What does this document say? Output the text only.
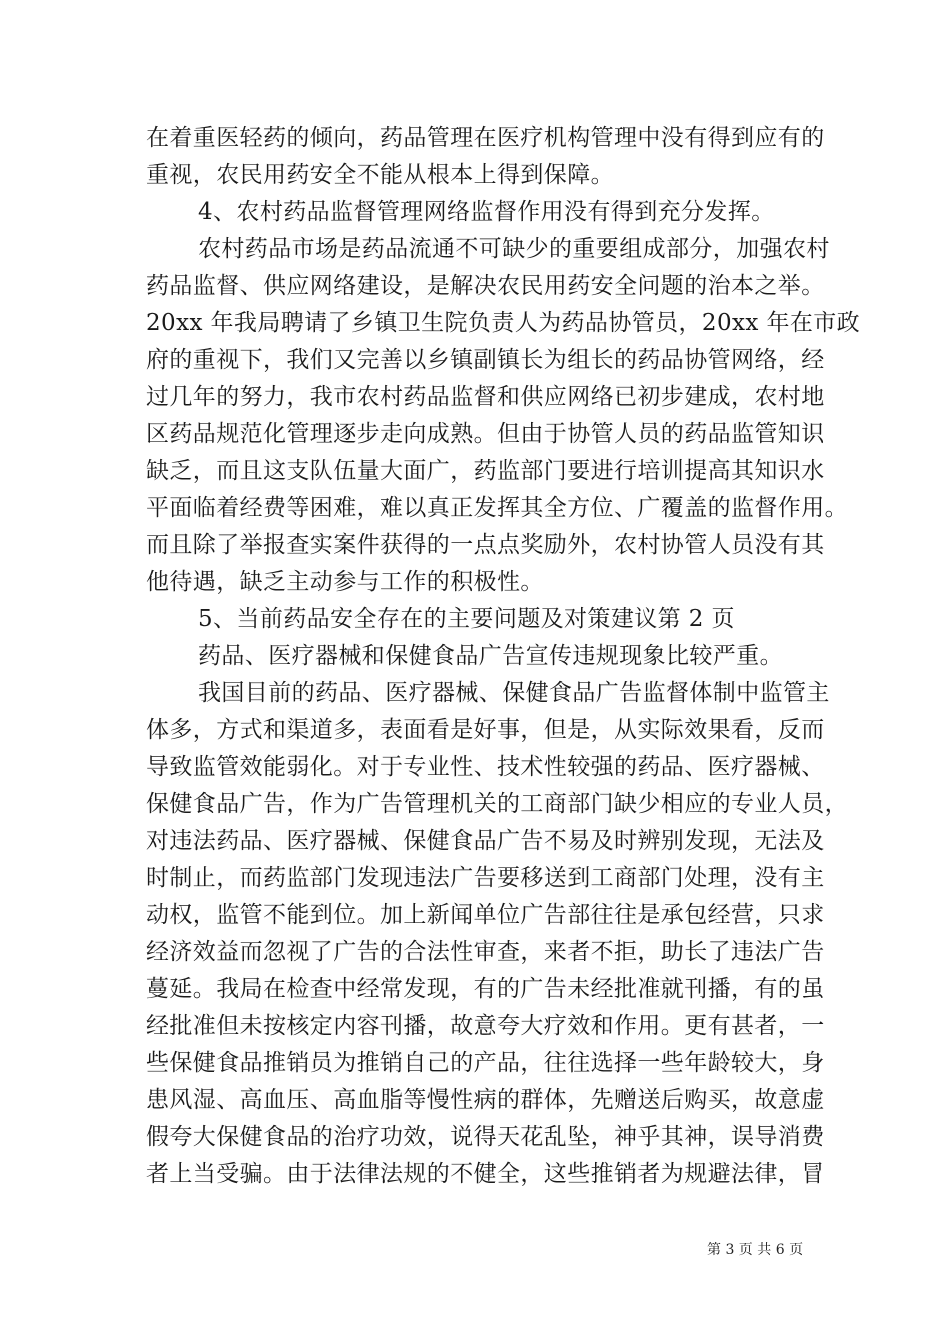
在着重医轻药的倾向，药品管理在医疗机构管理中没有得到应有的
重视，农民用药安全不能从根本上得到保障。
4、农村药品监督管理网络监督作用没有得到充分发挥。
农村药品市场是药品流通不可缺少的重要组成部分，加强农村
药品监督、供应网络建设，是解决农民用药安全问题的治本之举。
20xx 年我局聘请了乡镇卫生院负责人为药品协管员，20xx 年在市政
府的重视下，我们又完善以乡镇副镇长为组长的药品协管网络，经
过几年的努力，我市农村药品监督和供应网络已初步建成，农村地
区药品规范化管理逐步走向成熟。但由于协管人员的药品监管知识
缺乏，而且这支队伍量大面广，药监部门要进行培训提高其知识水
平面临着经费等困难，难以真正发挥其全方位、广覆盖的监督作用。
而且除了举报查实案件获得的一点点奖励外，农村协管人员没有其
他待遇，缺乏主动参与工作的积极性。
5、当前药品安全存在的主要问题及对策建议第 2 页
药品、医疗器械和保健食品广告宣传违规现象比较严重。
我国目前的药品、医疗器械、保健食品广告监督体制中监管主
体多，方式和渠道多，表面看是好事，但是，从实际效果看，反而
导致监管效能弱化。对于专业性、技术性较强的药品、医疗器械、
保健食品广告，作为广告管理机关的工商部门缺少相应的专业人员，
对违法药品、医疗器械、保健食品广告不易及时辨别发现，无法及
时制止，而药监部门发现违法广告要移送到工商部门处理，没有主
动权，监管不能到位。加上新闻单位广告部往往是承包经营，只求
经济效益而忽视了广告的合法性审查，来者不拒，助长了违法广告
蔓延。我局在检查中经常发现，有的广告未经批准就刊播，有的虽
经批准但未按核定内容刊播，故意夸大疗效和作用。更有甚者，一
些保健食品推销员为推销自己的产品，往往选择一些年龄较大，身
患风湿、高血压、高血脂等慢性病的群体，先赠送后购买，故意虚
假夸大保健食品的治疗功效，说得天花乱坠，神乎其神，误导消费
者上当受骗。由于法律法规的不健全，这些推销者为规避法律，冒
第 3 页 共 6 页
